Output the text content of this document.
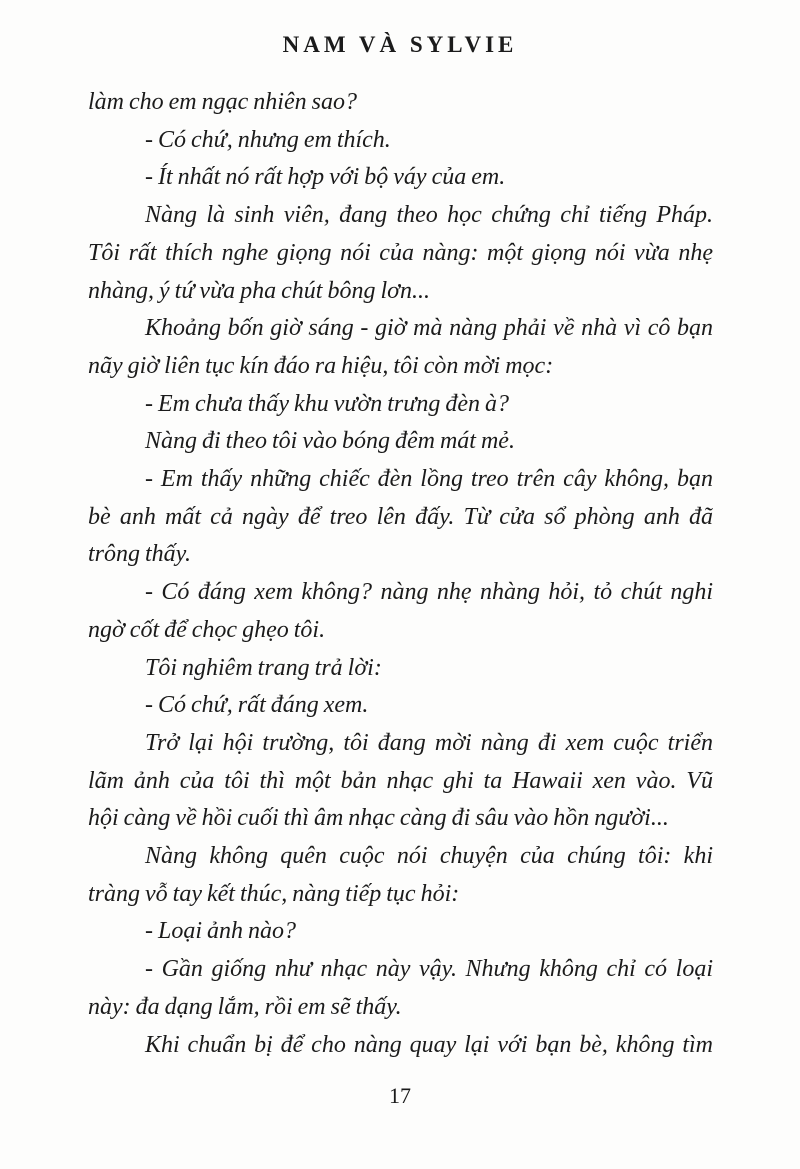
NAM VÀ SYLVIE
làm cho em ngạc nhiên sao?
- Có chứ, nhưng em thích.
- Ít nhất nó rất hợp với bộ váy của em.
Nàng là sinh viên, đang theo học chứng chỉ tiếng Pháp.
Tôi rất thích nghe giọng nói của nàng: một giọng nói vừa nhẹ
nhàng, ý tứ vừa pha chút bông lơn...
Khoảng bốn giờ sáng - giờ mà nàng phải về nhà vì cô bạn
nãy giờ liên tục kín đáo ra hiệu, tôi còn mời mọc:
- Em chưa thấy khu vườn trưng đèn à?
Nàng đi theo tôi vào bóng đêm mát mẻ.
- Em thấy những chiếc đèn lồng treo trên cây không, bạn
bè anh mất cả ngày để treo lên đấy. Từ cửa sổ phòng anh đã
trông thấy.
- Có đáng xem không? nàng nhẹ nhàng hỏi, tỏ chút nghi
ngờ cốt để chọc ghẹo tôi.
Tôi nghiêm trang trả lời:
- Có chứ, rất đáng xem.
Trở lại hội trường, tôi đang mời nàng đi xem cuộc triển
lãm ảnh của tôi thì một bản nhạc ghi ta Hawaii xen vào. Vũ
hội càng về hồi cuối thì âm nhạc càng đi sâu vào hồn người...
Nàng không quên cuộc nói chuyện của chúng tôi: khi
tràng vỗ tay kết thúc, nàng tiếp tục hỏi:
- Loại ảnh nào?
- Gần giống như nhạc này vậy. Nhưng không chỉ có loại
này: đa dạng lắm, rồi em sẽ thấy.
Khi chuẩn bị để cho nàng quay lại với bạn bè, không tìm
17
